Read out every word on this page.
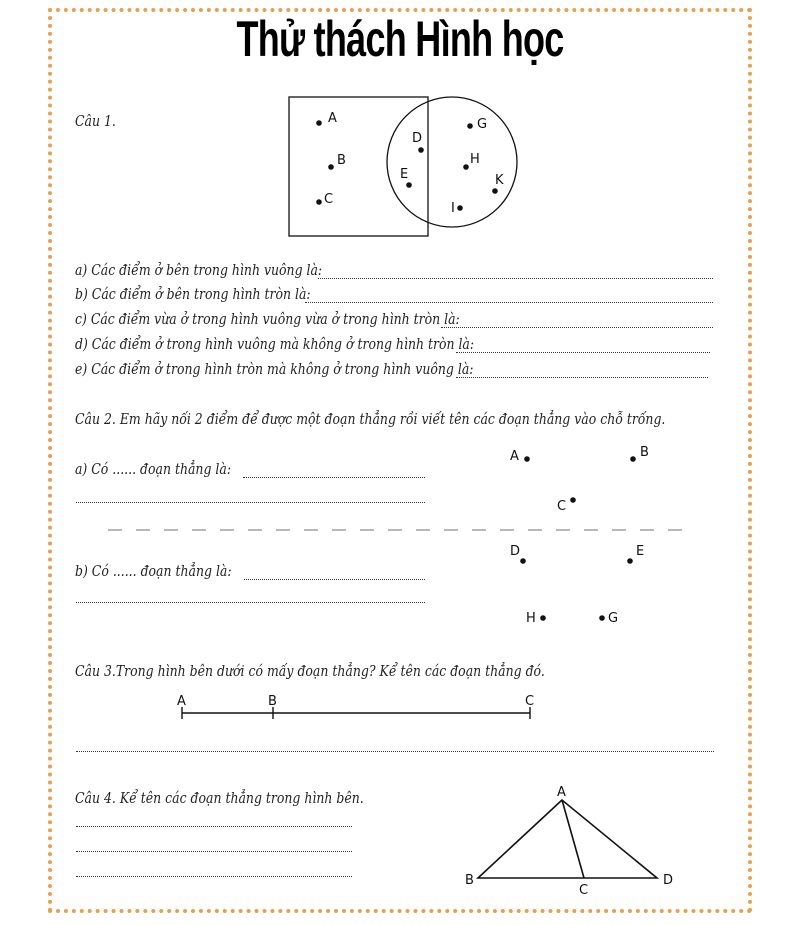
Thử thách Hình học
Câu 1.	A
B
C
D
E
G
H
K
I
a) Các điểm ở bên trong hình vuông là:
b) Các điểm ở bên trong hình tròn là:
c) Các điểm vừa ở trong hình vuông vừa ở trong hình tròn là:
d) Các điểm ở trong hình vuông mà không ở trong hình tròn là:
e) Các điểm ở trong hình tròn mà không ở trong hình vuông là:
Câu 2. Em hãy nối 2 điểm để được một đoạn thẳng rồi viết tên các đoạn thẳng vào chỗ trống.
a) Có ...... đoạn thẳng là:
A	B
C
D	E
H	G
b) Có ...... đoạn thẳng là:
Câu 3.Trong hình bên dưới có mấy đoạn thẳng? Kể tên các đoạn thẳng đó.
A	B	C
Câu 4. Kể tên các đoạn thẳng trong hình bên.	A
B
C
D
